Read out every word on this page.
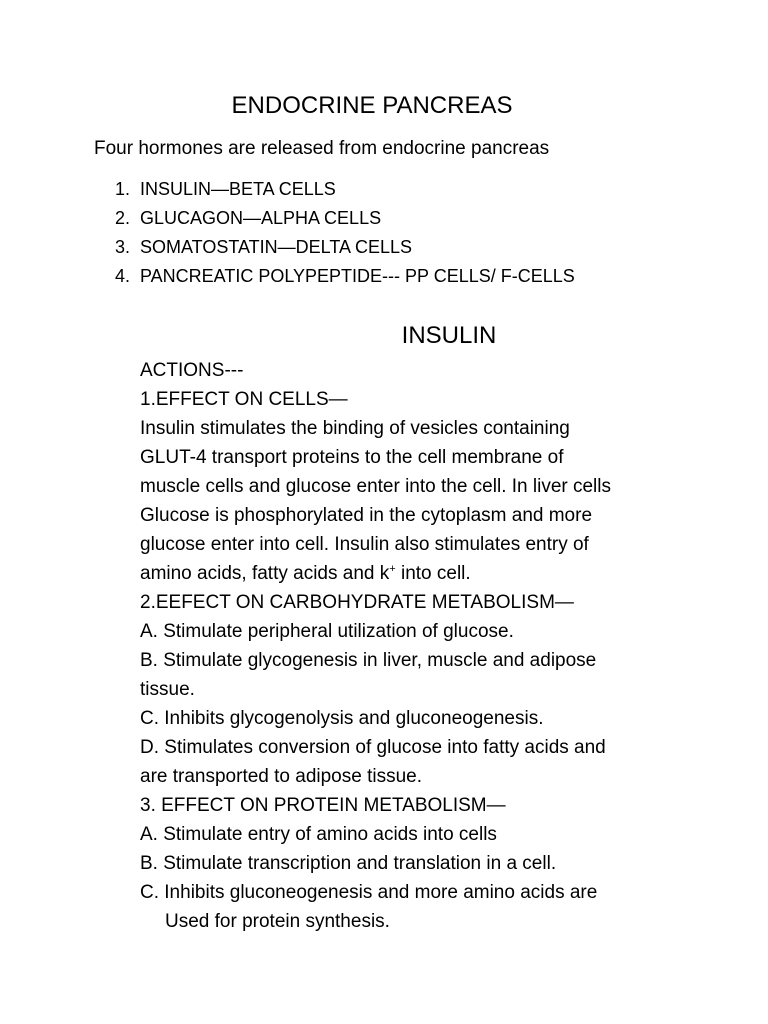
ENDOCRINE PANCREAS

Four hormones are released from endocrine pancreas

1. INSULIN—BETA CELLS
2. GLUCAGON—ALPHA CELLS
3. SOMATOSTATIN—DELTA CELLS
4. PANCREATIC POLYPEPTIDE--- PP CELLS/ F-CELLS
INSULIN
ACTIONS---
1.EFFECT ON CELLS—
Insulin stimulates the binding of vesicles containing
GLUT-4 transport proteins to the cell membrane of
muscle cells and glucose enter into the cell. In liver cells
Glucose is phosphorylated in the cytoplasm and more
glucose enter into cell. Insulin also stimulates entry of
amino acids, fatty acids and k+ into cell.
2.EEFECT ON CARBOHYDRATE METABOLISM—
A. Stimulate peripheral utilization of glucose.
B. Stimulate glycogenesis in liver, muscle and adipose
tissue.
C. Inhibits glycogenolysis and gluconeogenesis.
D. Stimulates conversion of glucose into fatty acids and
are transported to adipose tissue.
3. EFFECT ON PROTEIN METABOLISM—
A. Stimulate entry of amino acids into cells
B. Stimulate transcription and translation in a cell.
C. Inhibits gluconeogenesis and more amino acids are
Used for protein synthesis.
